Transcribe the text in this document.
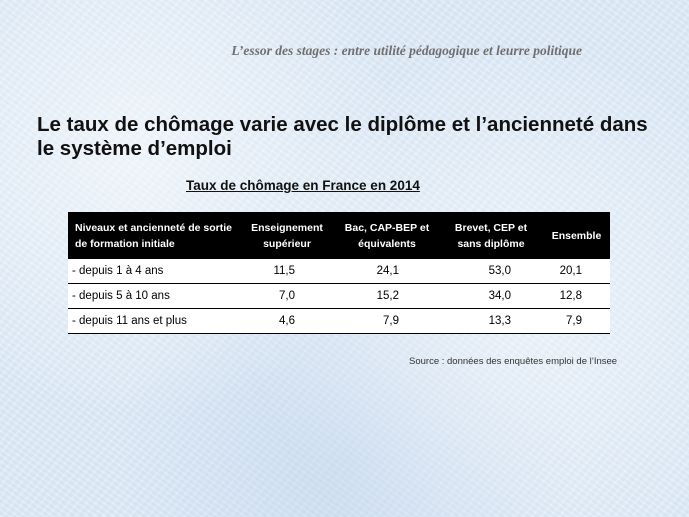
L’essor des stages : entre utilité pédagogique et leurre politique
Le taux de chômage varie avec le diplôme et l’ancienneté dans le système d’emploi
Taux de chômage en France en 2014
Niveaux et ancienneté de sortie de formation initiale	Enseignement supérieur	Bac, CAP-BEP et équivalents	Brevet, CEP et sans diplôme	Ensemble
- depuis 1 à 4 ans	11,5	24,1	53,0	20,1
- depuis 5 à 10 ans	7,0	15,2	34,0	12,8
- depuis 11 ans et plus	4,6	7,9	13,3	7,9
Source : données des enquêtes emploi de l’Insee
